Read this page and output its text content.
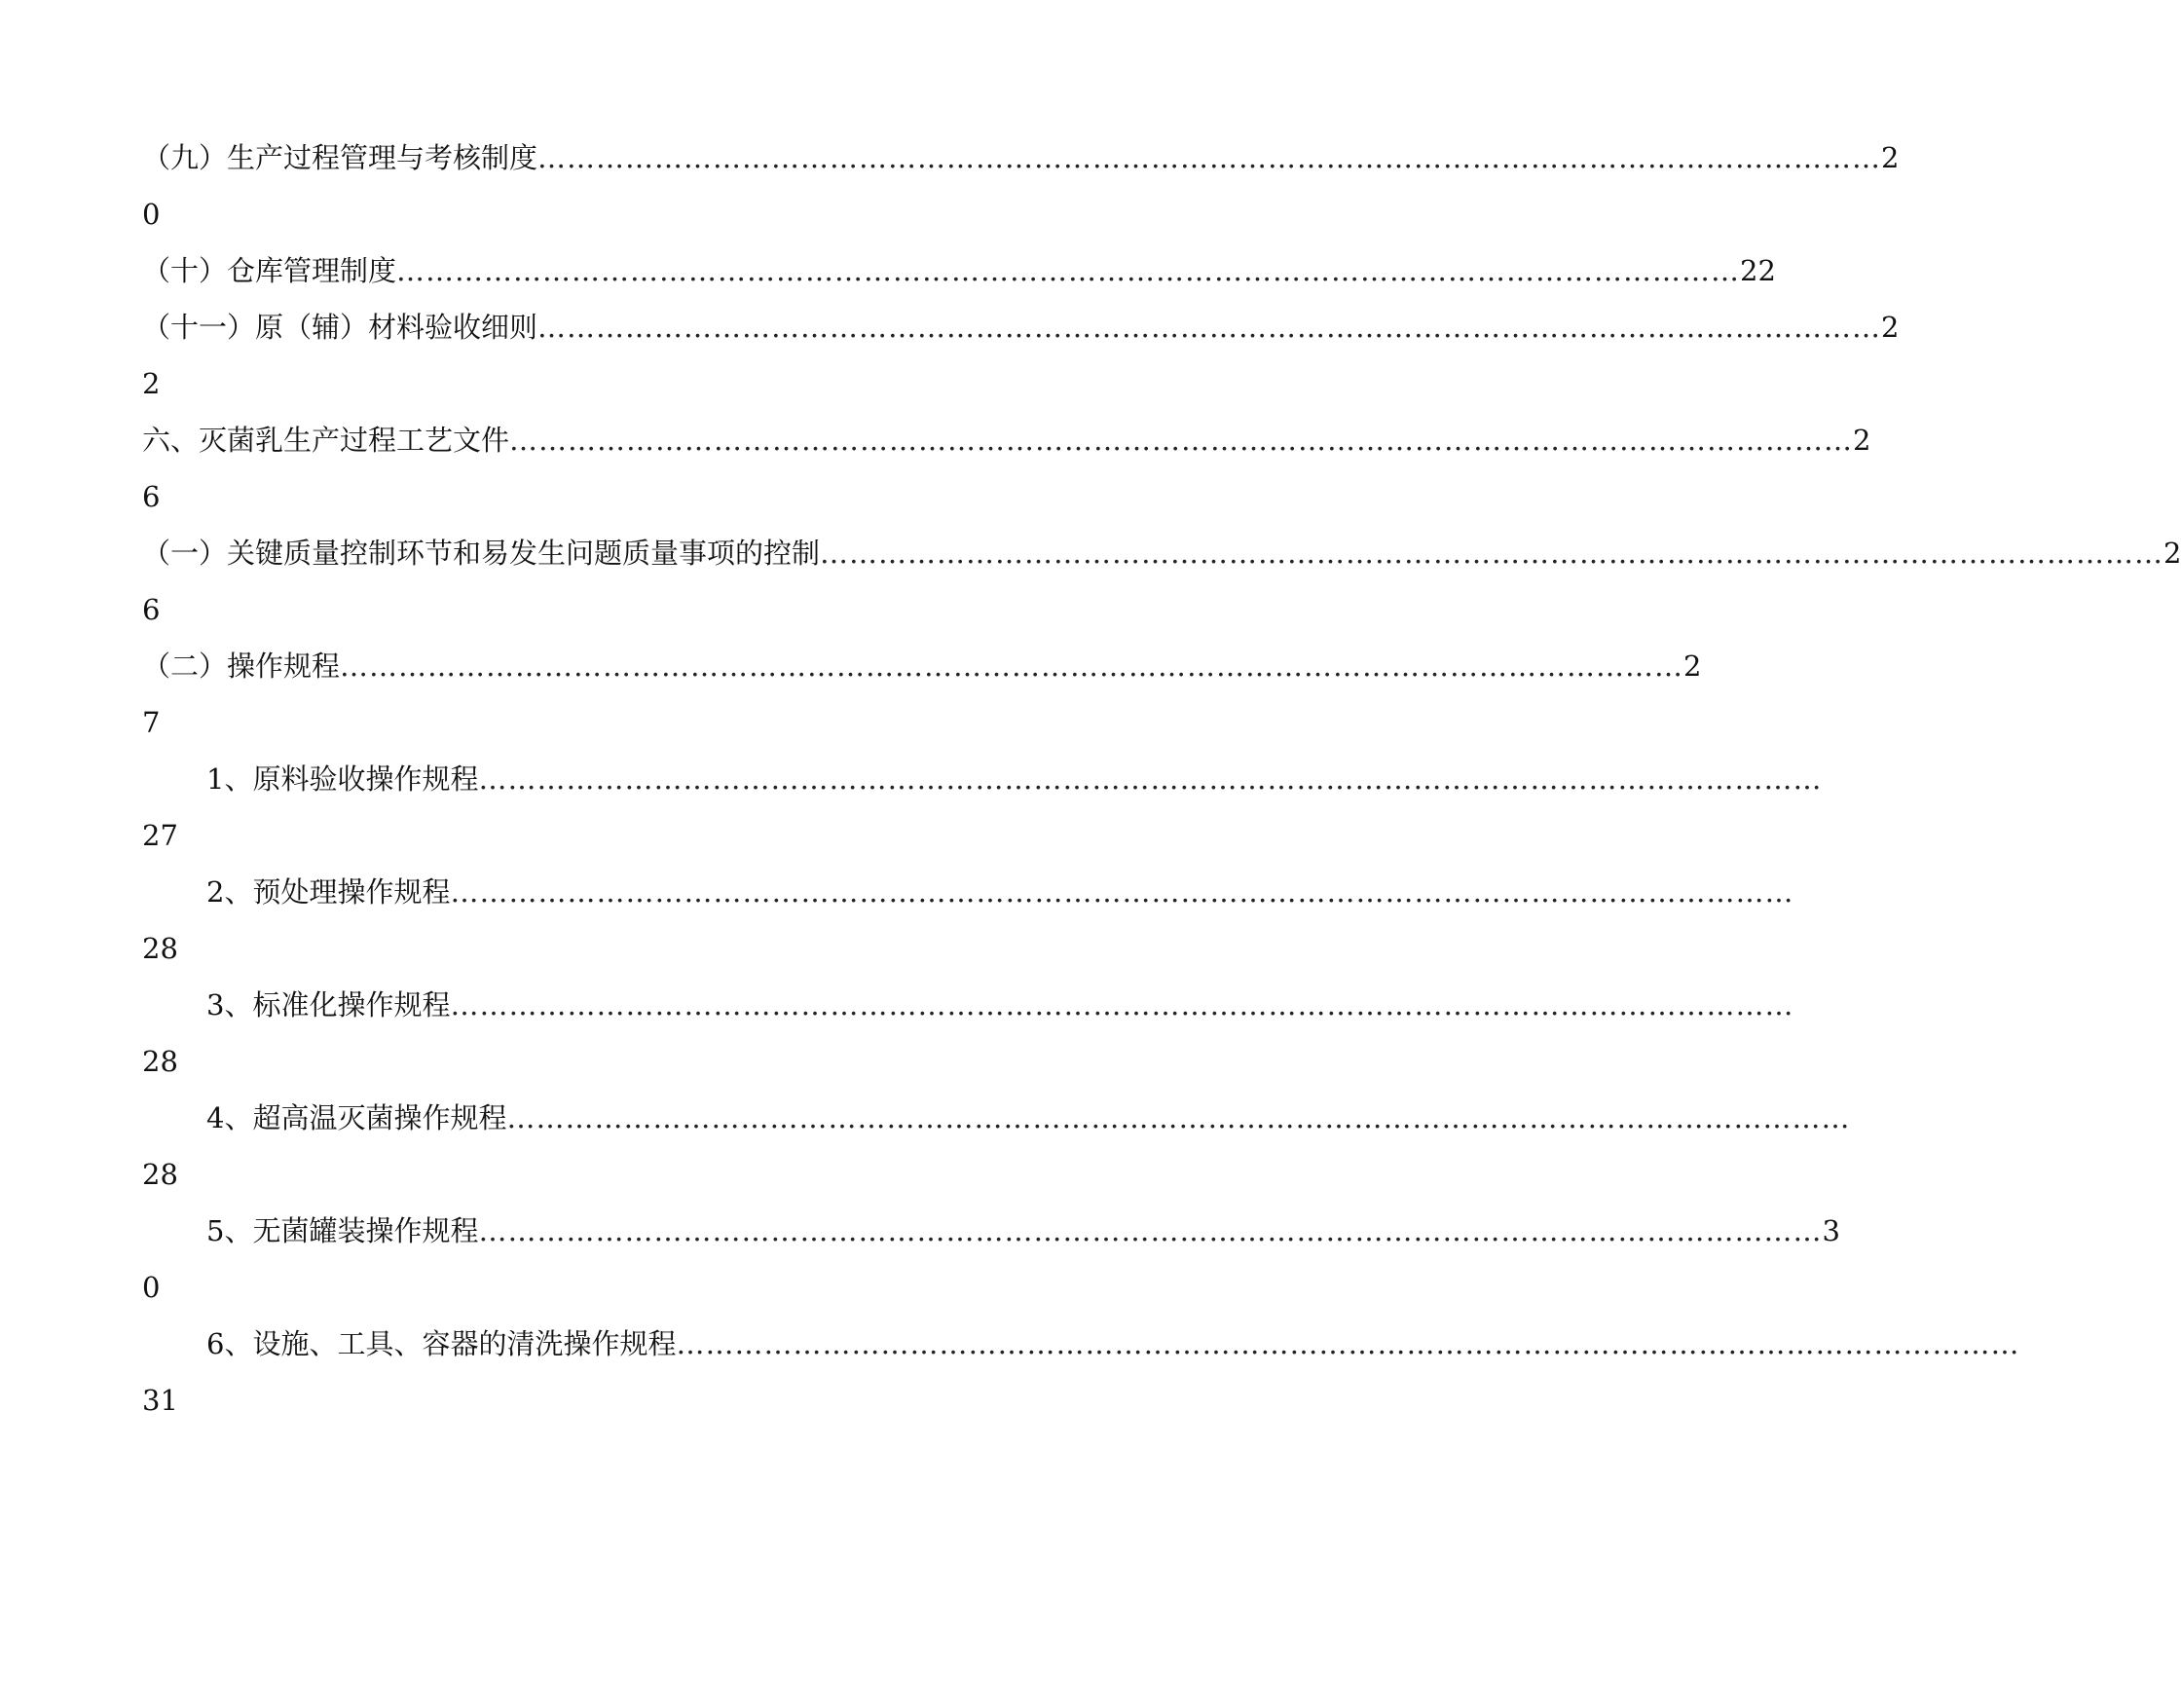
（九）生产过程管理与考核制度 ………………………………………………………………………………………………………………………… 2
0
（十）仓库管理制度 ………………………………………………………………………………………………………………………… 22
（十一）原（辅）材料验收细则 ………………………………………………………………………………………………………………………… 2
2
六、灭菌乳生产过程工艺文件 ………………………………………………………………………………………………………………………… 2
6
（一）关键质量控制环节和易发生问题质量事项的控制 ………………………………………………………………………………………………………………………… 2
6
（二）操作规程 ………………………………………………………………………………………………………………………… 2
7
1、原料验收操作规程 …………………………………………………………………………………………………………………………
27
2、预处理操作规程 …………………………………………………………………………………………………………………………
28
3、标准化操作规程 …………………………………………………………………………………………………………………………
28
4、超高温灭菌操作规程 …………………………………………………………………………………………………………………………
28
5、无菌罐装操作规程 ………………………………………………………………………………………………………………………… 3
0
6、设施、工具、容器的清洗操作规程 …………………………………………………………………………………………………………………………
31
